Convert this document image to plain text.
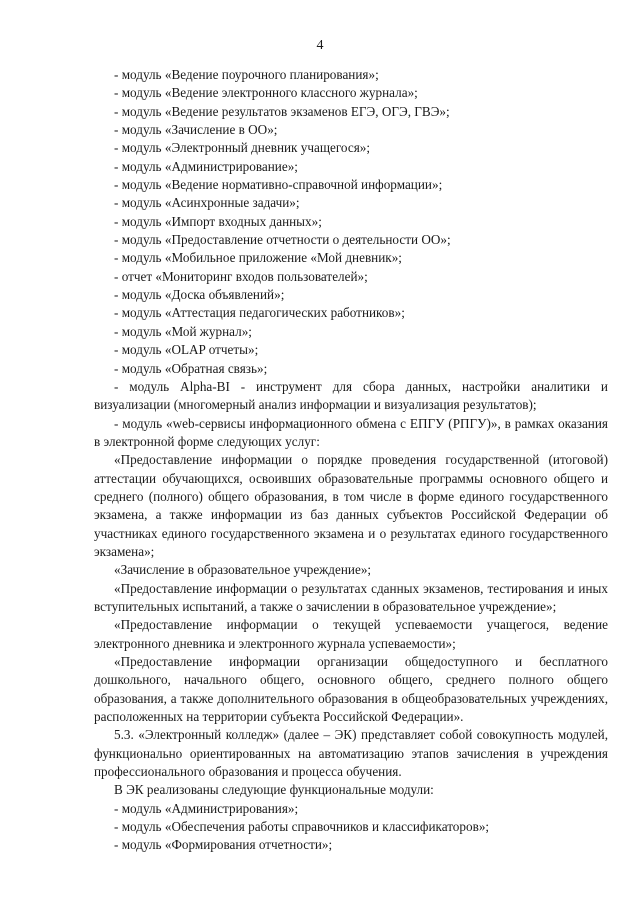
4

- модуль «Ведение поурочного планирования»;

- модуль «Ведение электронного классного журнала»;

- модуль «Ведение результатов экзаменов ЕГЭ, ОГЭ, ГВЭ»;

- модуль «Зачисление в ОО»;

- модуль «Электронный дневник учащегося»;

- модуль «Администрирование»;

- модуль «Ведение нормативно-справочной информации»;

- модуль «Асинхронные задачи»;

- модуль «Импорт входных данных»;

- модуль «Предоставление отчетности о деятельности ОО»;

- модуль «Мобильное приложение «Мой дневник»;

- отчет «Мониторинг входов пользователей»;

- модуль «Доска объявлений»;

- модуль «Аттестация педагогических работников»;

- модуль «Мой журнал»;

- модуль «OLAP отчеты»;

- модуль «Обратная связь»;

- модуль Alpha-BI - инструмент для сбора данных, настройки аналитики и визуализации (многомерный анализ информации и визуализация результатов);

- модуль «web-сервисы информационного обмена с ЕПГУ (РПГУ)», в рамках оказания в электронной форме следующих услуг:

«Предоставление информации о порядке проведения государственной (итоговой) аттестации обучающихся, освоивших образовательные программы основного общего и среднего (полного) общего образования, в том числе в форме единого государственного экзамена, а также информации из баз данных субъектов Российской Федерации об участниках единого государственного экзамена и о результатах единого государственного экзамена»;

«Зачисление в образовательное учреждение»;

«Предоставление информации о результатах сданных экзаменов, тестирования и иных вступительных испытаний, а также о зачислении в образовательное учреждение»;

«Предоставление информации о текущей успеваемости учащегося, ведение электронного дневника и электронного журнала успеваемости»;

«Предоставление информации организации общедоступного и бесплатного дошкольного, начального общего, основного общего, среднего полного общего образования, а также дополнительного образования в общеобразовательных учреждениях, расположенных на территории субъекта Российской Федерации».

5.3. «Электронный колледж» (далее – ЭК) представляет собой совокупность модулей, функционально ориентированных на автоматизацию этапов зачисления в учреждения профессионального образования и процесса обучения.

В ЭК реализованы следующие функциональные модули:

- модуль «Администрирования»;

- модуль «Обеспечения работы справочников и классификаторов»;

- модуль «Формирования отчетности»;
